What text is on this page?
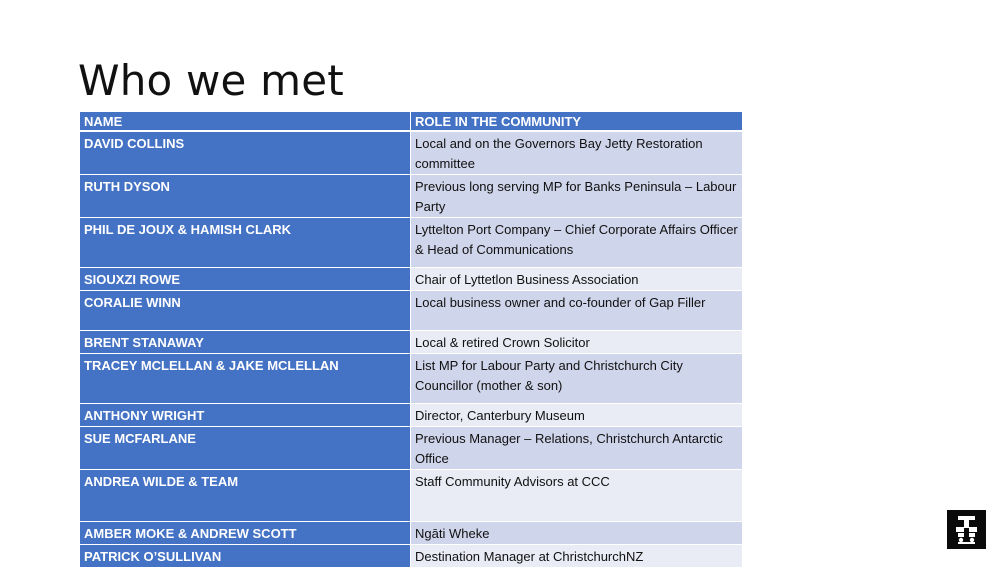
Who we met
NAME	ROLE IN THE COMMUNITY
DAVID COLLINS	Local and on the Governors Bay Jetty Restoration committee
RUTH DYSON	Previous long serving MP for Banks Peninsula – Labour Party
PHIL DE JOUX & HAMISH CLARK	Lyttelton Port Company – Chief Corporate Affairs Officer & Head of Communications
SIOUXZI ROWE	Chair of Lyttetlon Business Association
CORALIE WINN	Local business owner and co-founder of Gap Filler
BRENT STANAWAY	Local & retired Crown Solicitor
TRACEY MCLELLAN & JAKE MCLELLAN	List MP for Labour Party and Christchurch City Councillor (mother & son)
ANTHONY WRIGHT	Director, Canterbury Museum
SUE MCFARLANE	Previous Manager – Relations, Christchurch Antarctic Office
ANDREA WILDE & TEAM	Staff Community Advisors at CCC
AMBER MOKE & ANDREW SCOTT	Ngāti Wheke
PATRICK O’SULLIVAN	Destination Manager at ChristchurchNZ
